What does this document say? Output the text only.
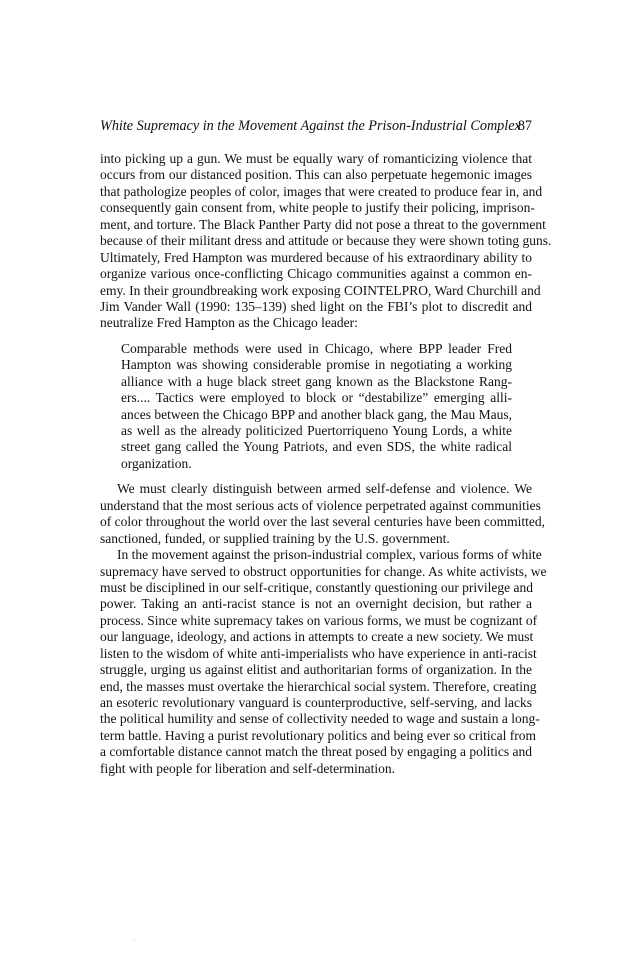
White Supremacy in the Movement Against the Prison-Industrial Complex
87
into picking up a gun. We must be equally wary of romanticizing violence that
occurs from our distanced position. This can also perpetuate hegemonic images
that pathologize peoples of color, images that were created to produce fear in, and
consequently gain consent from, white people to justify their policing, imprison-
ment, and torture. The Black Panther Party did not pose a threat to the government
because of their militant dress and attitude or because they were shown toting guns.
Ultimately, Fred Hampton was murdered because of his extraordinary ability to
organize various once-conflicting Chicago communities against a common en-
emy. In their groundbreaking work exposing COINTELPRO, Ward Churchill and
Jim Vander Wall (1990: 135–139) shed light on the FBI’s plot to discredit and
neutralize Fred Hampton as the Chicago leader:
Comparable methods were used in Chicago, where BPP leader Fred
Hampton was showing considerable promise in negotiating a working
alliance with a huge black street gang known as the Blackstone Rang-
ers.... Tactics were employed to block or “destabilize” emerging alli-
ances between the Chicago BPP and another black gang, the Mau Maus,
as well as the already politicized Puertorriqueno Young Lords, a white
street gang called the Young Patriots, and even SDS, the white radical
organization.
We must clearly distinguish between armed self-defense and violence. We
understand that the most serious acts of violence perpetrated against communities
of color throughout the world over the last several centuries have been committed,
sanctioned, funded, or supplied training by the U.S. government.
In the movement against the prison-industrial complex, various forms of white
supremacy have served to obstruct opportunities for change. As white activists, we
must be disciplined in our self-critique, constantly questioning our privilege and
power. Taking an anti-racist stance is not an overnight decision, but rather a
process. Since white supremacy takes on various forms, we must be cognizant of
our language, ideology, and actions in attempts to create a new society. We must
listen to the wisdom of white anti-imperialists who have experience in anti-racist
struggle, urging us against elitist and authoritarian forms of organization. In the
end, the masses must overtake the hierarchical social system. Therefore, creating
an esoteric revolutionary vanguard is counterproductive, self-serving, and lacks
the political humility and sense of collectivity needed to wage and sustain a long-
term battle. Having a purist revolutionary politics and being ever so critical from
a comfortable distance cannot match the threat posed by engaging a politics and
fight with people for liberation and self-determination.
